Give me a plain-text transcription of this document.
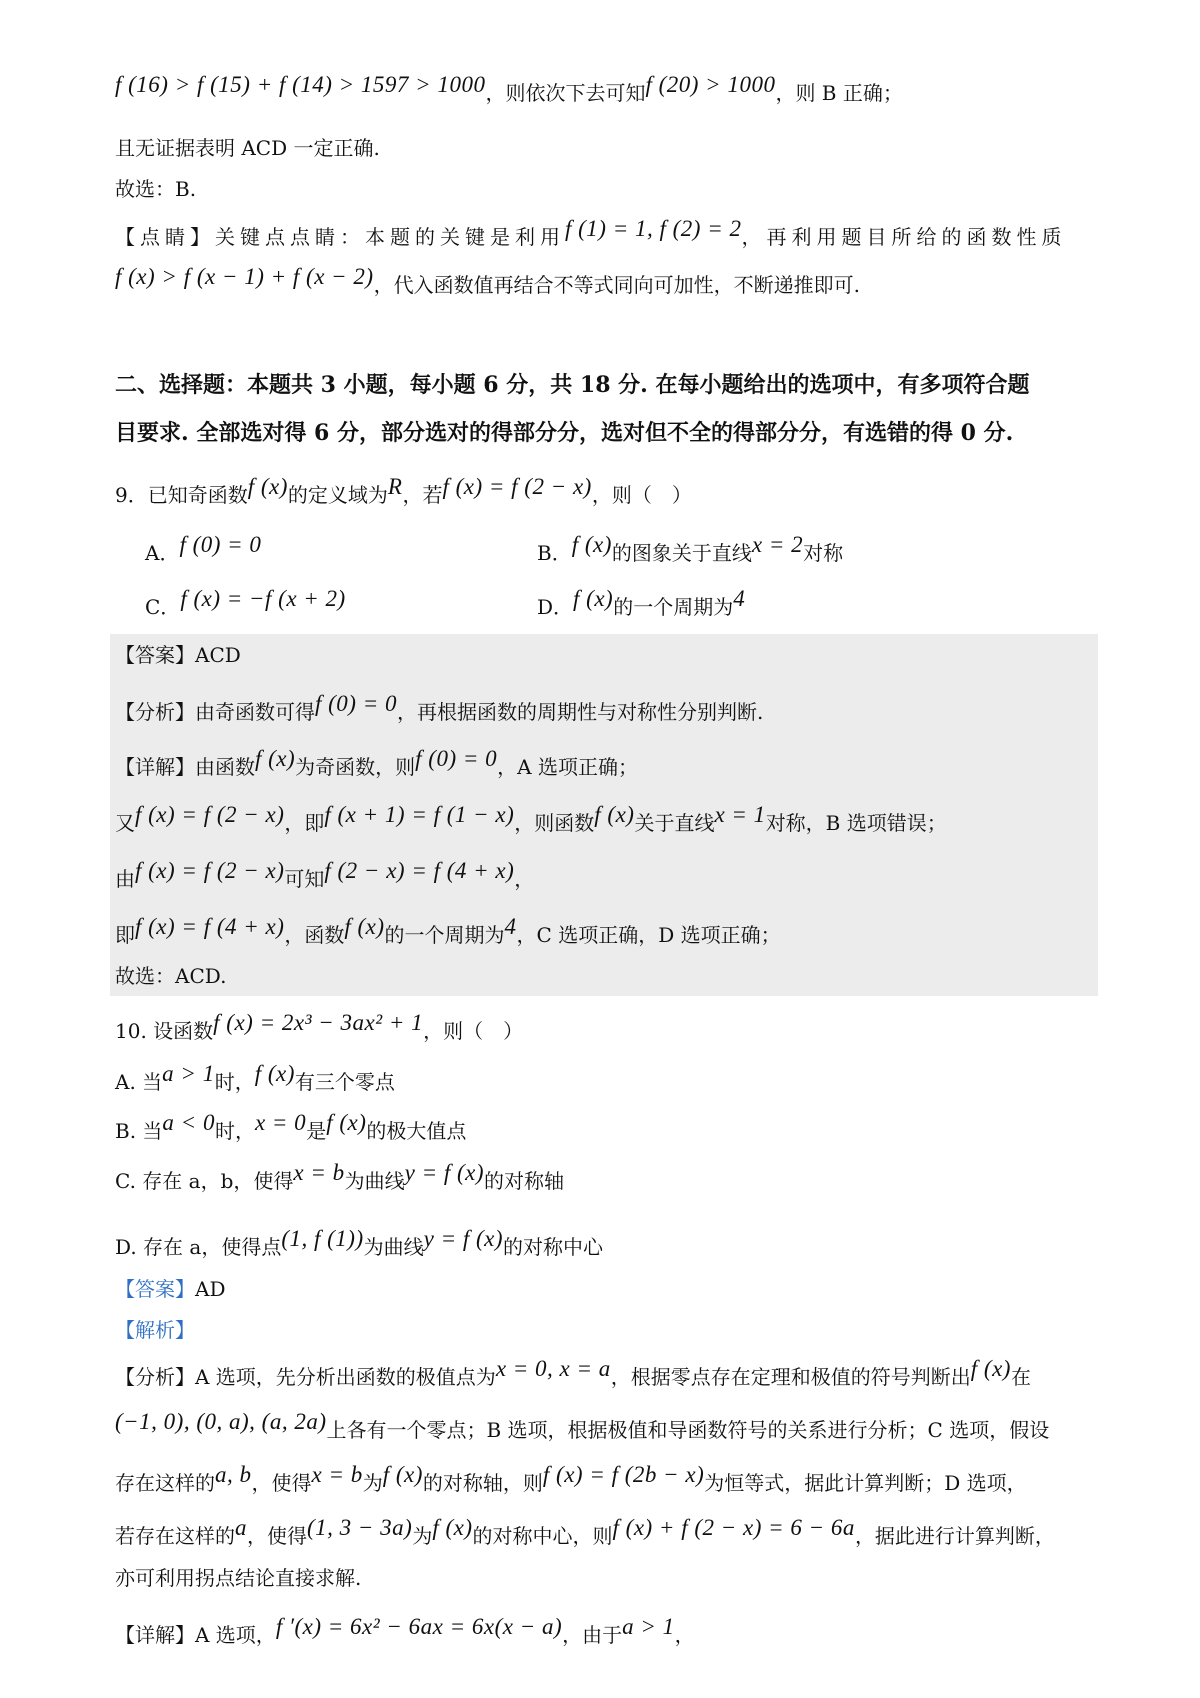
f (16) > f (15) + f (14) > 1597 > 1000，则依次下去可知f (20) > 1000，则 B 正确；
且无证据表明 ACD 一定正确.
故选：B.
【点睛】关键点点睛：本题的关键是利用f (1) = 1, f (2) = 2，再利用题目所给的函数性质
f (x) > f (x − 1) + f (x − 2)，代入函数值再结合不等式同向可加性，不断递推即可.
二、选择题：本题共 3 小题，每小题 6 分，共 18 分. 在每小题给出的选项中，有多项符合题
目要求. 全部选对得 6 分，部分选对的得部分分，选对但不全的得部分分，有选错的得 0 分.
9．已知奇函数f (x)的定义域为R，若f (x) = f (2 − x)，则（　）
A．f (0) = 0	B．f (x)的图象关于直线x = 2对称
C．f (x) = −f (x + 2)	D．f (x)的一个周期为4
【答案】ACD
【分析】由奇函数可得f (0) = 0，再根据函数的周期性与对称性分别判断.
【详解】由函数f (x)为奇函数，则f (0) = 0，A 选项正确；
又f (x) = f (2 − x)，即f (x + 1) = f (1 − x)，则函数f (x)关于直线x = 1对称，B 选项错误；
由f (x) = f (2 − x)可知f (2 − x) = f (4 + x)，
即f (x) = f (4 + x)，函数f (x)的一个周期为4，C 选项正确，D 选项正确；
故选：ACD.
10. 设函数f (x) = 2x³ − 3ax² + 1，则（　）
A. 当a > 1时，f (x)有三个零点
B. 当a < 0时，x = 0是f (x)的极大值点
C. 存在 a，b，使得x = b为曲线y = f (x)的对称轴
D. 存在 a，使得点(1, f (1))为曲线y = f (x)的对称中心
【答案】AD
【解析】
【分析】A 选项，先分析出函数的极值点为x = 0, x = a，根据零点存在定理和极值的符号判断出f (x)在
(−1, 0), (0, a), (a, 2a)上各有一个零点；B 选项，根据极值和导函数符号的关系进行分析；C 选项，假设
存在这样的a, b，使得x = b为f (x)的对称轴，则f (x) = f (2b − x)为恒等式，据此计算判断；D 选项，
若存在这样的a，使得(1, 3 − 3a)为f (x)的对称中心，则f (x) + f (2 − x) = 6 − 6a，据此进行计算判断，
亦可利用拐点结论直接求解.
【详解】A 选项，f ′(x) = 6x² − 6ax = 6x(x − a)，由于a > 1，
